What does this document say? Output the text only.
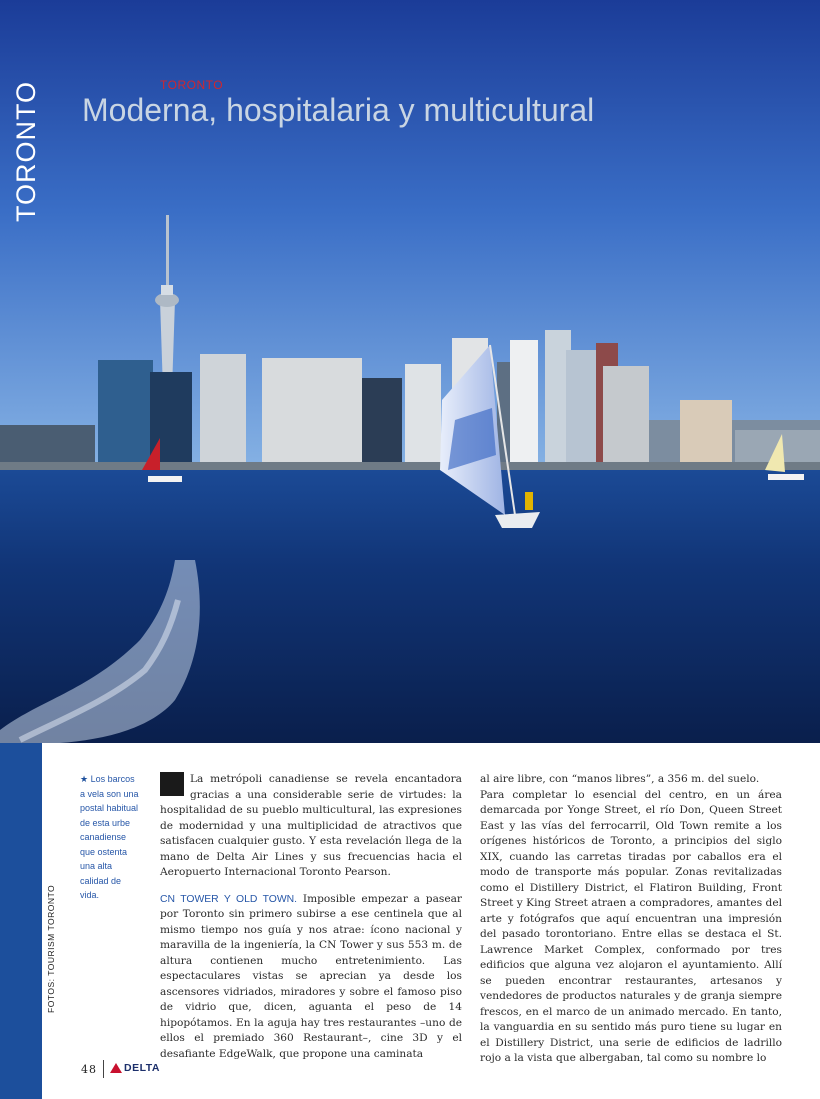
TORONTO	TORONTO
Moderna, hospitalaria y multicultural
FOTOS: TOURISM TORONTO
★ Los barcos a vela son una postal habitual de esta urbe canadiense que ostenta una alta calidad de vida.

La metrópoli canadiense se revela encantadora gracias a una considerable serie de virtudes: la hospitalidad de su pueblo multicultural, las expresiones de modernidad y una multiplicidad de atractivos que satisfacen cualquier gusto. Y esta revelación llega de la mano de Delta Air Lines y sus frecuencias hacia el Aeropuerto Internacional Toronto Pearson.

CN TOWER Y OLD TOWN. Imposible empezar a pasear por Toronto sin primero subirse a ese centinela que al mismo tiempo nos guía y nos atrae: ícono nacional y maravilla de la ingeniería, la CN Tower y sus 553 m. de altura contienen mucho entretenimiento. Las espectaculares vistas se aprecian ya desde los ascensores vidriados, miradores y sobre el famoso piso de vidrio que, dicen, aguanta el peso de 14 hipopótamos. En la aguja hay tres restaurantes –uno de ellos el premiado 360 Restaurant–, cine 3D y el desafiante EdgeWalk, que propone una caminata

al aire libre, con “manos libres”, a 356 m. del suelo.

Para completar lo esencial del centro, en un área demarcada por Yonge Street, el río Don, Queen Street East y las vías del ferrocarril, Old Town remite a los orígenes históricos de Toronto, a principios del siglo XIX, cuando las carretas tiradas por caballos era el modo de transporte más popular. Zonas revitalizadas como el Distillery District, el Flatiron Building, Front Street y King Street atraen a compradores, amantes del arte y fotógrafos que aquí encuentran una impresión del pasado torontoriano. Entre ellas se destaca el St. Lawrence Market Complex, conformado por tres edificios que alguna vez alojaron el ayuntamiento. Allí se pueden encontrar restaurantes, artesanos y vendedores de productos naturales y de granja siempre frescos, en el marco de un animado mercado. En tanto, la vanguardia en su sentido más puro tiene su lugar en el Distillery District, una serie de edificios de ladrillo rojo a la vista que albergaban, tal como su nombre lo

48	DELTA
